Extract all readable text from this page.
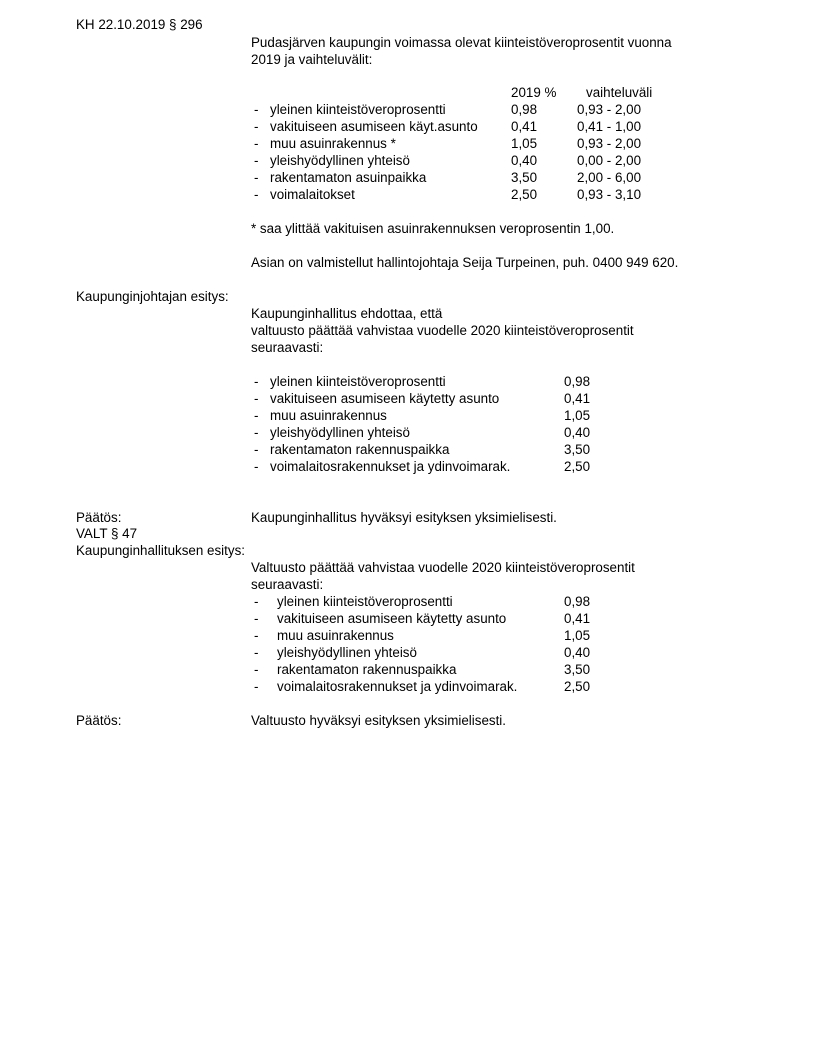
KH 22.10.2019 § 296
Pudasjärven kaupungin voimassa olevat kiinteistöveroprosentit vuonna
2019 ja vaihteluvälit:
2019 % vaihteluväli
- yleinen kiinteistöveroprosentti	0,98	0,93 - 2,00
- vakituiseen asumiseen käyt.asunto 0,41	0,41 - 1,00
- muu asuinrakennus *	1,05	0,93 - 2,00
- yleishyödyllinen yhteisö	0,40	0,00 - 2,00
- rakentamaton asuinpaikka	3,50	2,00 - 6,00
- voimalaitokset	2,50	0,93 - 3,10
* saa ylittää vakituisen asuinrakennuksen veroprosentin 1,00.
Asian on valmistellut hallintojohtaja Seija Turpeinen, puh. 0400 949 620.
Kaupunginjohtajan esitys:
Kaupunginhallitus ehdottaa, että
valtuusto päättää vahvistaa vuodelle 2020 kiinteistöveroprosentit
seuraavasti:
- yleinen kiinteistöveroprosentti	0,98
- vakituiseen asumiseen käytetty asunto	0,41
- muu asuinrakennus	1,05
- yleishyödyllinen yhteisö	0,40
- rakentamaton rakennuspaikka	3,50
- voimalaitosrakennukset ja ydinvoimarak.	2,50
Päätös:	Kaupunginhallitus hyväksyi esityksen yksimielisesti.
VALT § 47
Kaupunginhallituksen esitys:
Valtuusto päättää vahvistaa vuodelle 2020 kiinteistöveroprosentit
seuraavasti:
- yleinen kiinteistöveroprosentti	0,98
- vakituiseen asumiseen käytetty asunto	0,41
- muu asuinrakennus	1,05
- yleishyödyllinen yhteisö	0,40
- rakentamaton rakennuspaikka	3,50
- voimalaitosrakennukset ja ydinvoimarak.	2,50
Päätös:	Valtuusto hyväksyi esityksen yksimielisesti.
